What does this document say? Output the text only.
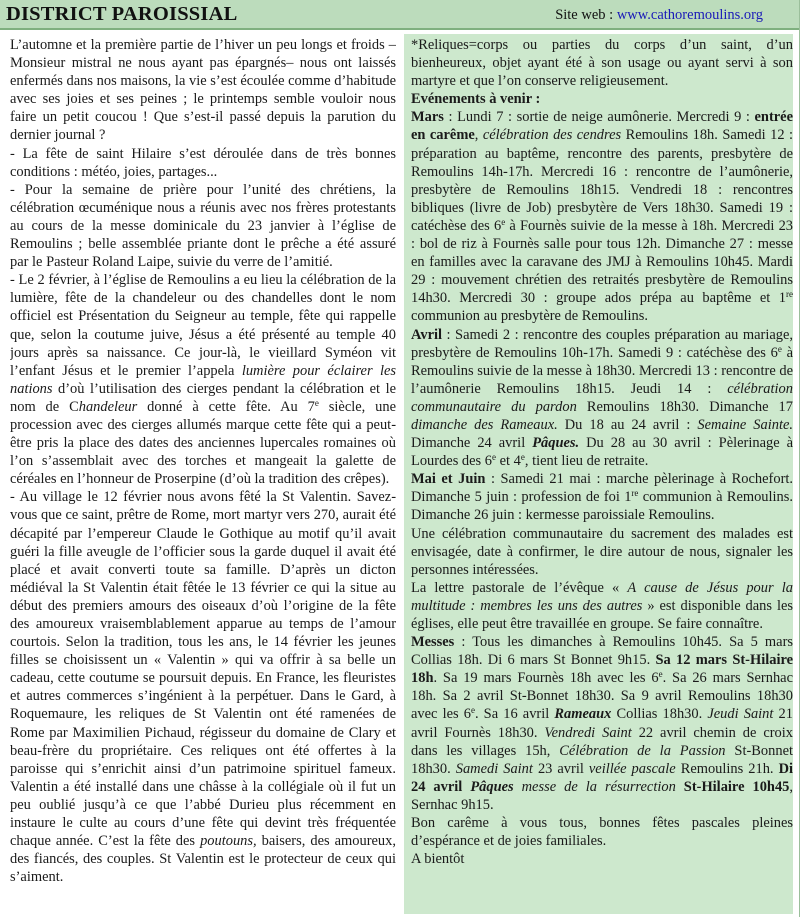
DISTRICT PAROISSIAL	Site web : www.cathoremoulins.org

L’automne et la première partie de l’hiver un peu longs et froids –Monsieur mistral ne nous ayant pas épargnés– nous ont laissés enfermés dans nos maisons, la vie s’est écoulée comme d’habitude avec ses joies et ses peines ; le printemps semble vouloir nous faire un petit coucou ! Que s’est-il passé depuis la parution du dernier journal ?

- La fête de saint Hilaire s’est déroulée dans de très bonnes conditions : météo, joies, partages...

- Pour la semaine de prière pour l’unité des chrétiens, la célébration œcuménique nous a réunis avec nos frères protestants au cours de la messe dominicale du 23 janvier à l’église de Remoulins ; belle assemblée priante dont le prêche a été assuré par le Pasteur Roland Laipe, suivie du verre de l’amitié.

- Le 2 février, à l’église de Remoulins a eu lieu la célébration de la lumière, fête de la chandeleur ou des chandelles dont le nom officiel est Présentation du Seigneur au temple, fête qui rappelle que, selon la coutume juive, Jésus a été présenté au temple 40 jours après sa naissance. Ce jour-là, le vieillard Syméon vit l’enfant Jésus et le premier l’appela lumière pour éclairer les nations d’où l’utilisation des cierges pendant la célébration et le nom de Chandeleur donné à cette fête. Au 7e siècle, une procession avec des cierges allumés marque cette fête qui a peut-être pris la place des dates des anciennes lupercales romaines où l’on s’assemblait avec des torches et mangeait la galette de céréales en l’honneur de Proserpine (d’où la tradition des crêpes).

- Au village le 12 février nous avons fêté la St Valentin. Savez-vous que ce saint, prêtre de Rome, mort martyr vers 270, aurait été décapité par l’empereur Claude le Gothique au motif qu’il avait guéri la fille aveugle de l’officier sous la garde duquel il avait été placé et avait converti toute sa famille. D’après un dicton médiéval la St Valentin était fêtée le 13 février ce qui la situe au début des premiers amours des oiseaux d’où l’origine de la fête des amoureux vraisemblablement apparue au temps de l’amour courtois. Selon la tradition, tous les ans, le 14 février les jeunes filles se choisissent un « Valentin » qui va offrir à sa belle un cadeau, cette coutume se poursuit depuis. En France, les fleuristes et autres commerces s’ingénient à la perpétuer. Dans le Gard, à Roquemaure, les reliques de St Valentin ont été ramenées de Rome par Maximilien Pichaud, régisseur du domaine de Clary et beau-frère du propriétaire. Ces reliques ont été offertes à la paroisse qui s’enrichit ainsi d’un patrimoine spirituel fameux. Valentin a été installé dans une châsse à la collégiale où il fut un peu oublié jusqu’à ce que l’abbé Durieu plus récemment en instaure le culte au cours d’une fête qui devint très fréquentée chaque année. C’est la fête des poutouns, baisers, des amoureux, des fiancés, des couples. St Valentin est le protecteur de ceux qui s’aiment.

*Reliques=corps ou parties du corps d’un saint, d’un bienheureux, objet ayant été à son usage ou ayant servi à son martyre et que l’on conserve religieusement.

Evénements à venir :

Mars : Lundi 7 : sortie de neige aumônerie. Mercredi 9 : entrée en carême, célébration des cendres Remoulins 18h. Samedi 12 : préparation au baptême, rencontre des parents, presbytère de Remoulins 14h-17h. Mercredi 16 : rencontre de l’aumônerie, presbytère de Remoulins 18h15. Vendredi 18 : rencontres bibliques (livre de Job) presbytère de Vers 18h30. Samedi 19 : catéchèse des 6e à Fournès suivie de la messe à 18h. Mercredi 23 : bol de riz à Fournès salle pour tous 12h. Dimanche 27 : messe en familles avec la caravane des JMJ à Remoulins 10h45. Mardi 29 : mouvement chrétien des retraités presbytère de Remoulins 14h30. Mercredi 30 : groupe ados prépa au baptême et 1re communion au presbytère de Remoulins.

Avril : Samedi 2 : rencontre des couples préparation au mariage, presbytère de Remoulins 10h-17h. Samedi 9 : catéchèse des 6e à Remoulins suivie de la messe à 18h30. Mercredi 13 : rencontre de l’aumônerie Remoulins 18h15. Jeudi 14 : célébration communautaire du pardon Remoulins 18h30. Dimanche 17 dimanche des Rameaux. Du 18 au 24 avril : Semaine Sainte. Dimanche 24 avril Pâques. Du 28 au 30 avril : Pèlerinage à Lourdes des 6e et 4e, tient lieu de retraite.

Mai et Juin : Samedi 21 mai : marche pèlerinage à Rochefort. Dimanche 5 juin : profession de foi 1re communion à Remoulins. Dimanche 26 juin : kermesse paroissiale Remoulins.

Une célébration communautaire du sacrement des malades est envisagée, date à confirmer, le dire autour de nous, signaler les personnes intéressées.

La lettre pastorale de l’évêque « A cause de Jésus pour la multitude : membres les uns des autres » est disponible dans les églises, elle peut être travaillée en groupe. Se faire connaître.

Messes : Tous les dimanches à Remoulins 10h45. Sa 5 mars Collias 18h. Di 6 mars St Bonnet 9h15. Sa 12 mars St-Hilaire 18h. Sa 19 mars Fournès 18h avec les 6e. Sa 26 mars Sernhac 18h. Sa 2 avril St-Bonnet 18h30. Sa 9 avril Remoulins 18h30 avec les 6e. Sa 16 avril Rameaux Collias 18h30. Jeudi Saint 21 avril Fournès 18h30. Vendredi Saint 22 avril chemin de croix dans les villages 15h, Célébration de la Passion St-Bonnet 18h30. Samedi Saint 23 avril veillée pascale Remoulins 21h. Di 24 avril Pâques messe de la résurrection St-Hilaire 10h45, Sernhac 9h15.

Bon carême à vous tous, bonnes fêtes pascales pleines d’espérance et de joies familiales.

A bientôt
